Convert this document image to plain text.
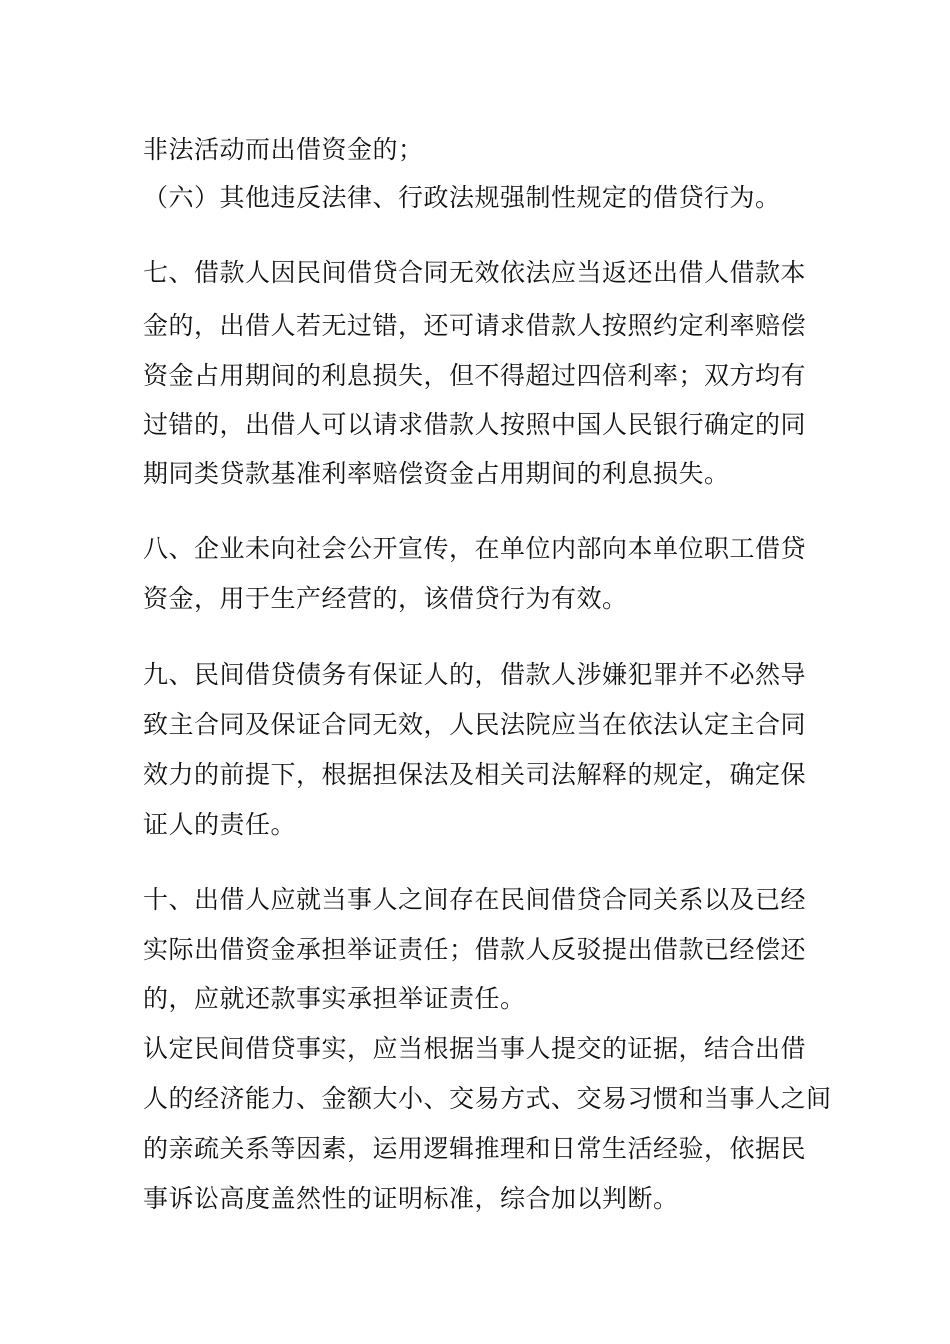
非法活动而出借资金的；

（六）其他违反法律、行政法规强制性规定的借贷行为。

七、借款人因民间借贷合同无效依法应当返还出借人借款本

金的，出借人若无过错，还可请求借款人按照约定利率赔偿

资金占用期间的利息损失，但不得超过四倍利率；双方均有

过错的，出借人可以请求借款人按照中国人民银行确定的同

期同类贷款基准利率赔偿资金占用期间的利息损失。

八、企业未向社会公开宣传，在单位内部向本单位职工借贷

资金，用于生产经营的，该借贷行为有效。

九、民间借贷债务有保证人的，借款人涉嫌犯罪并不必然导

致主合同及保证合同无效，人民法院应当在依法认定主合同

效力的前提下，根据担保法及相关司法解释的规定，确定保

证人的责任。

十、出借人应就当事人之间存在民间借贷合同关系以及已经

实际出借资金承担举证责任；借款人反驳提出借款已经偿还

的，应就还款事实承担举证责任。

认定民间借贷事实，应当根据当事人提交的证据，结合出借

人的经济能力、金额大小、交易方式、交易习惯和当事人之间

的亲疏关系等因素，运用逻辑推理和日常生活经验，依据民

事诉讼高度盖然性的证明标准，综合加以判断。
